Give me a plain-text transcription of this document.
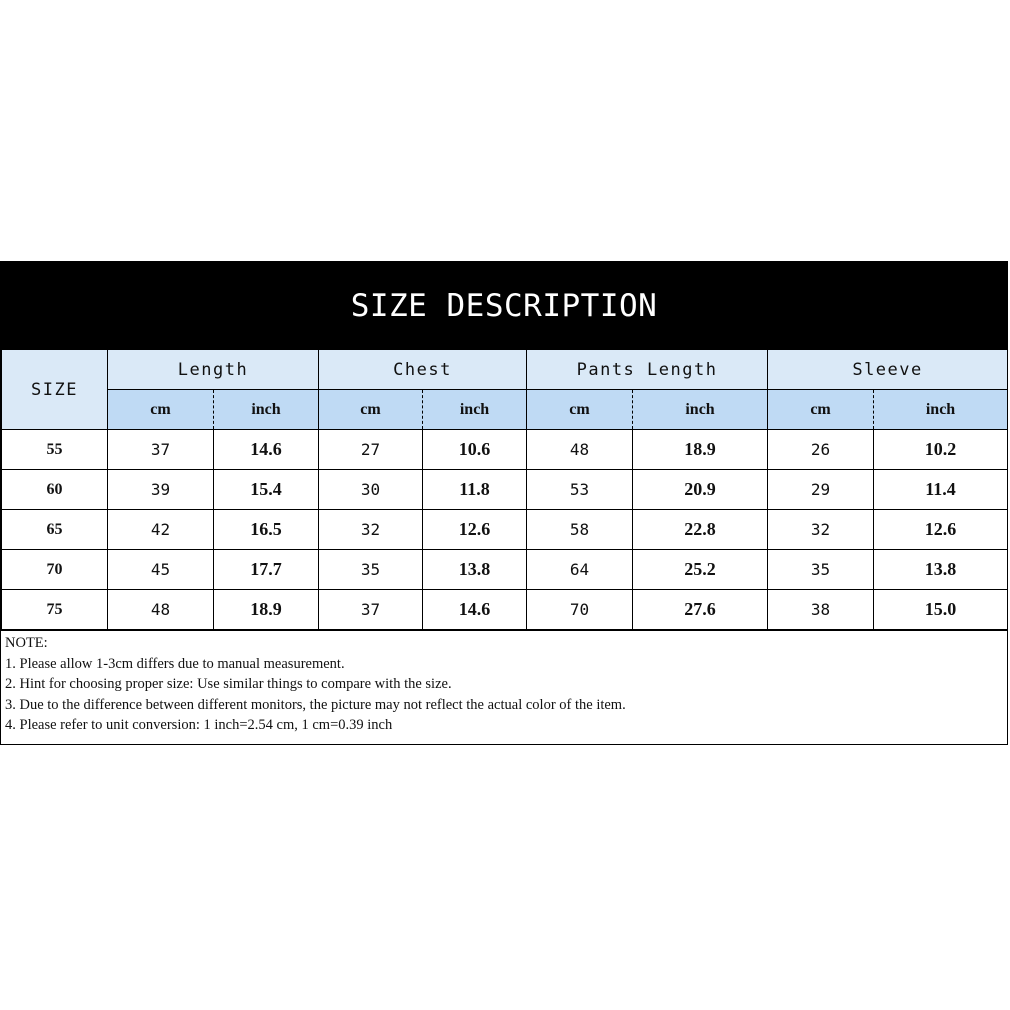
SIZE DESCRIPTION
SIZE	Length		Chest		Pants Length		Sleeve	
	cm	inch	cm	inch	cm	inch	cm	inch
55	37	14.6	27	10.6	48	18.9	26	10.2
60	39	15.4	30	11.8	53	20.9	29	11.4
65	42	16.5	32	12.6	58	22.8	32	12.6
70	45	17.7	35	13.8	64	25.2	35	13.8
75	48	18.9	37	14.6	70	27.6	38	15.0
NOTE:
1. Please allow 1-3cm differs due to manual measurement.
2. Hint for choosing proper size: Use similar things to compare with the size.
3. Due to the difference between different monitors, the picture may not reflect the actual color of the item.
4. Please refer to unit conversion: 1 inch=2.54 cm, 1 cm=0.39 inch
